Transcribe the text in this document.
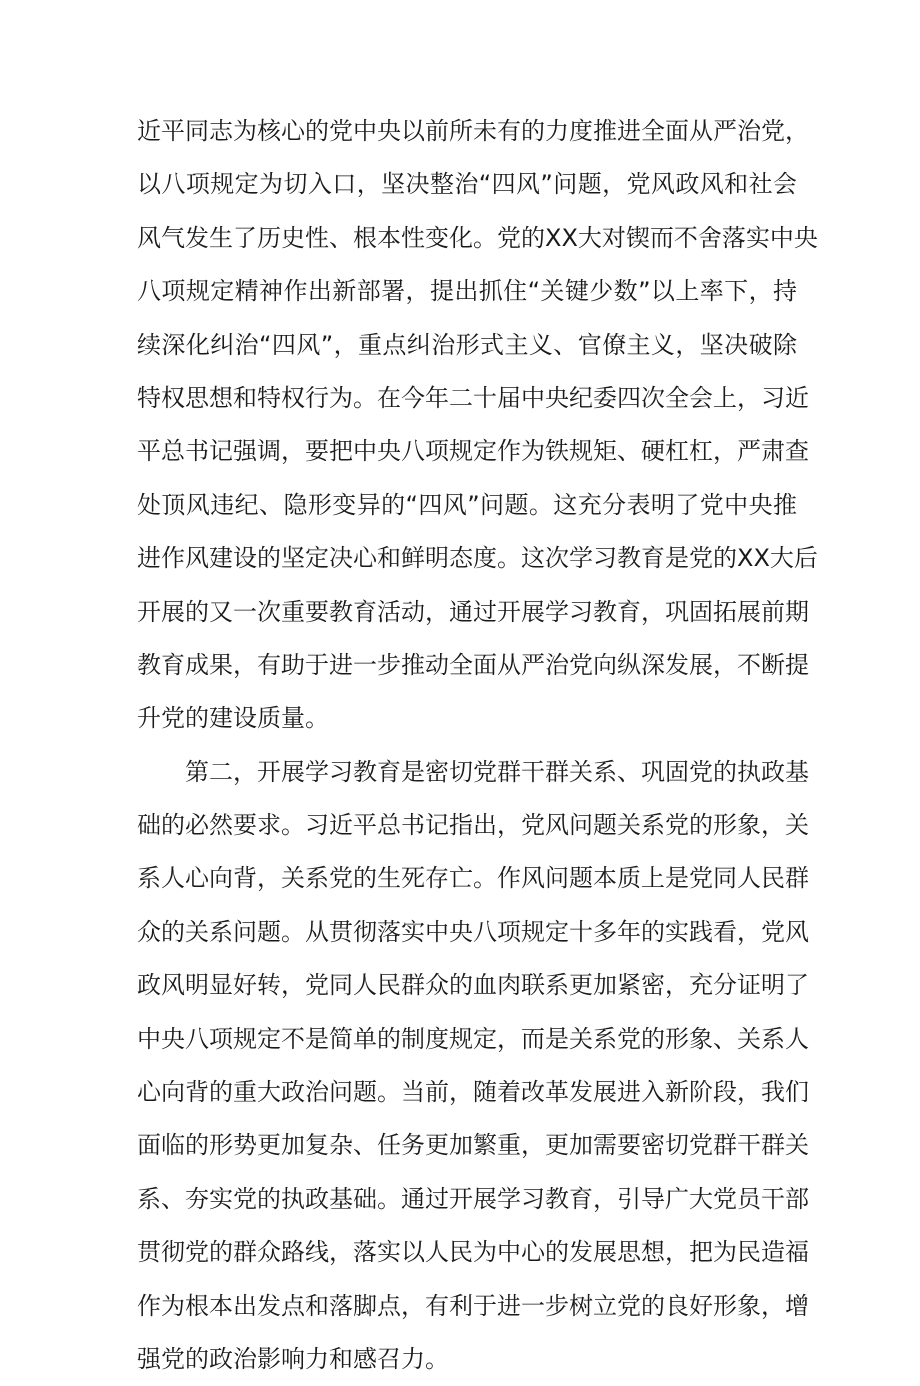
近平同志为核心的党中央以前所未有的力度推进全面从严治党，
以八项规定为切入口，坚决整治“四风”问题，党风政风和社会
风气发生了历史性、根本性变化。党的XX大对锲而不舍落实中央
八项规定精神作出新部署，提出抓住“关键少数”以上率下，持
续深化纠治“四风”，重点纠治形式主义、官僚主义，坚决破除
特权思想和特权行为。在今年二十届中央纪委四次全会上，习近
平总书记强调，要把中央八项规定作为铁规矩、硬杠杠，严肃查
处顶风违纪、隐形变异的“四风”问题。这充分表明了党中央推
进作风建设的坚定决心和鲜明态度。这次学习教育是党的XX大后
开展的又一次重要教育活动，通过开展学习教育，巩固拓展前期
教育成果，有助于进一步推动全面从严治党向纵深发展，不断提
升党的建设质量。
第二，开展学习教育是密切党群干群关系、巩固党的执政基
础的必然要求。习近平总书记指出，党风问题关系党的形象，关
系人心向背，关系党的生死存亡。作风问题本质上是党同人民群
众的关系问题。从贯彻落实中央八项规定十多年的实践看，党风
政风明显好转，党同人民群众的血肉联系更加紧密，充分证明了
中央八项规定不是简单的制度规定，而是关系党的形象、关系人
心向背的重大政治问题。当前，随着改革发展进入新阶段，我们
面临的形势更加复杂、任务更加繁重，更加需要密切党群干群关
系、夯实党的执政基础。通过开展学习教育，引导广大党员干部
贯彻党的群众路线，落实以人民为中心的发展思想，把为民造福
作为根本出发点和落脚点，有利于进一步树立党的良好形象，增
强党的政治影响力和感召力。
